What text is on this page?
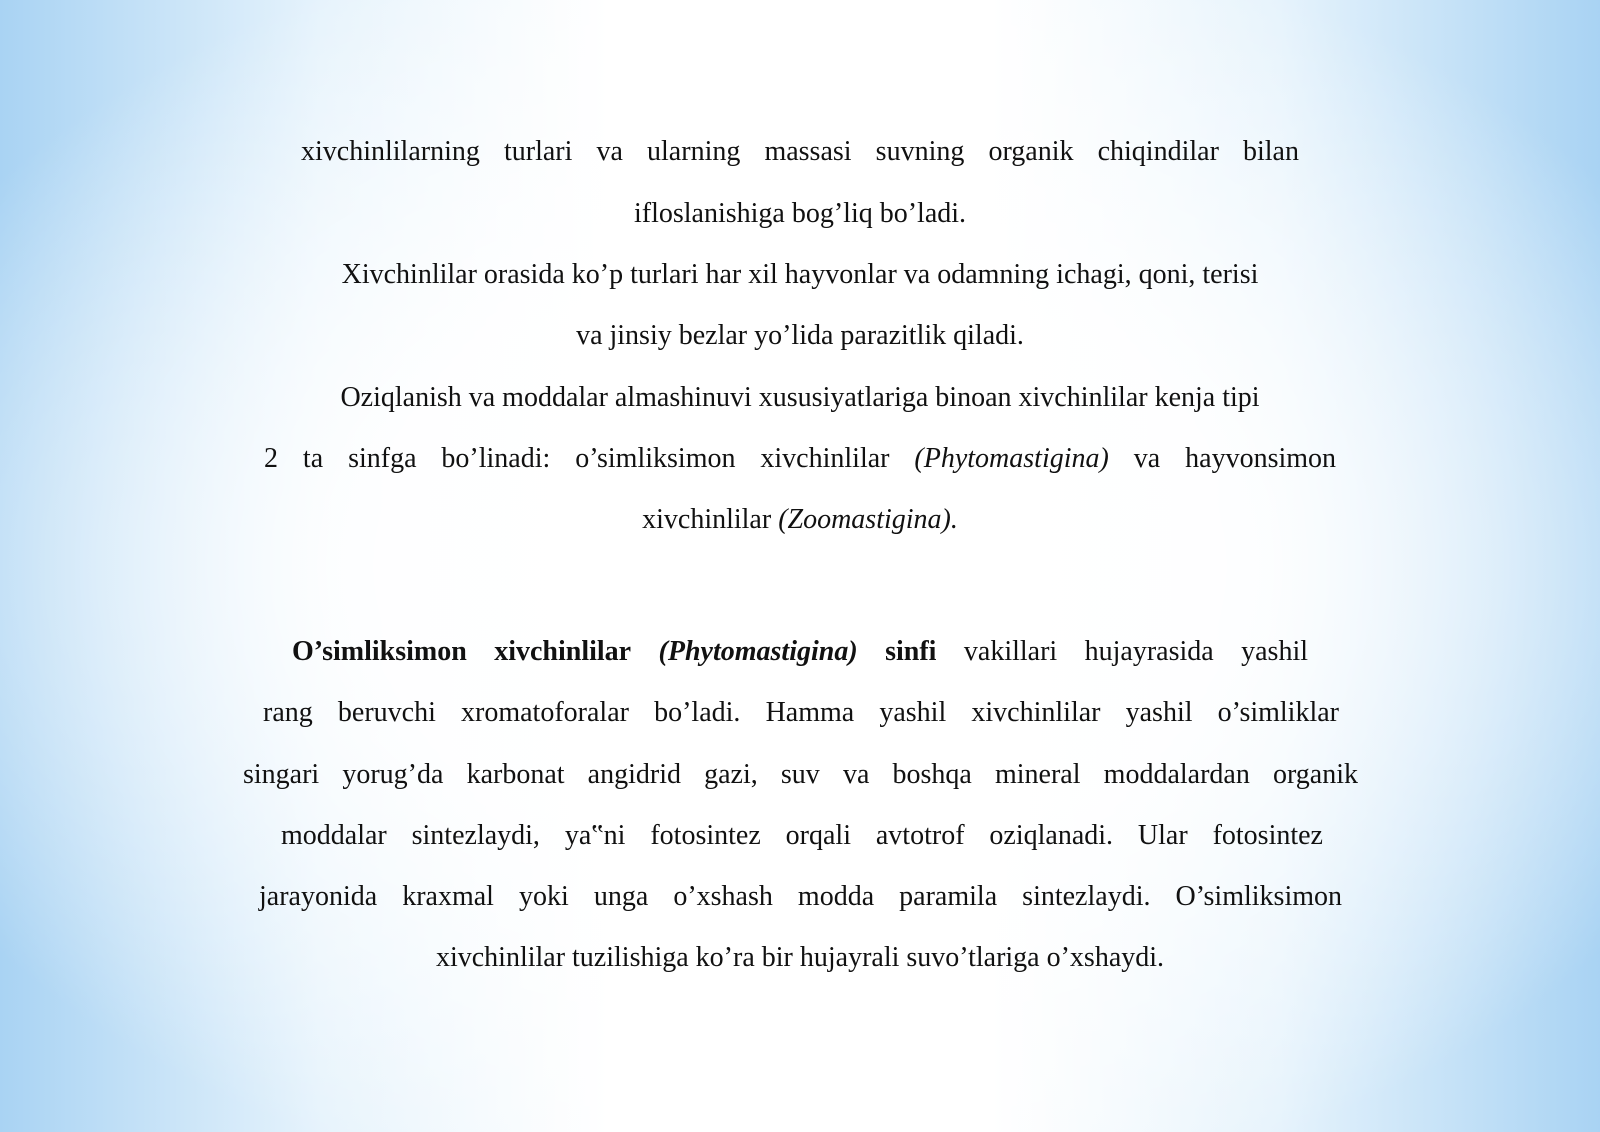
xivchinlilarning turlari va ularning massasi suvning organik chiqindilar bilan

ifloslanishiga bog’liq bo’ladi.

Xivchinlilar orasida ko’p turlari har xil hayvonlar va odamning ichagi, qoni, terisi

va jinsiy bezlar yo’lida parazitlik qiladi.

Oziqlanish va moddalar almashinuvi xususiyatlariga binoan xivchinlilar kenja tipi

2 ta sinfga bo’linadi: o’simliksimon xivchinlilar (Phytomastigina) va hayvonsimon

xivchinlilar (Zoomastigina).

O’simliksimon xivchinlilar (Phytomastigina) sinfi vakillari hujayrasida yashil

rang beruvchi xromatoforalar bo’ladi. Hamma yashil xivchinlilar yashil o’simliklar

singari yorug’da karbonat angidrid gazi, suv va boshqa mineral moddalardan organik

moddalar sintezlaydi, ya‟ni fotosintez orqali avtotrof oziqlanadi. Ular fotosintez

jarayonida kraxmal yoki unga o’xshash modda paramila sintezlaydi. O’simliksimon

xivchinlilar tuzilishiga ko’ra bir hujayrali suvo’tlariga o’xshaydi.
